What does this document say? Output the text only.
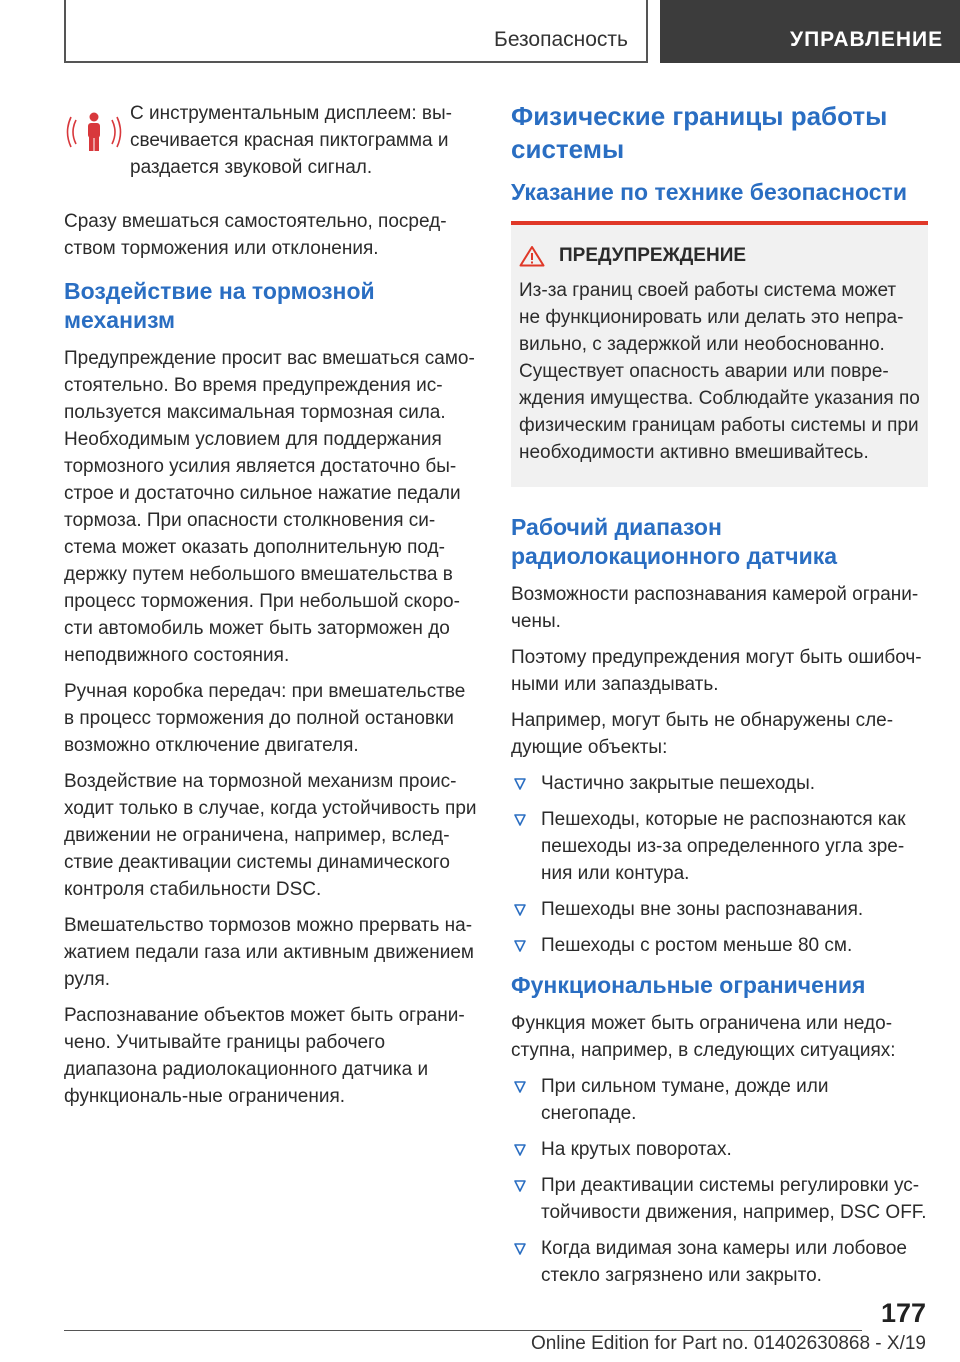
Безопасность	УПРАВЛЕНИЕ

С инструментальным дисплеем: вы-свечивается красная пиктограмма и раздается звуковой сигнал.

Сразу вмешаться самостоятельно, посред-ством торможения или отклонения.

Воздействие на тормозной механизм

Предупреждение просит вас вмешаться само-стоятельно. Во время предупреждения ис-пользуется максимальная тормозная сила. Необходимым условием для поддержания тормозного усилия является достаточно бы-строе и достаточно сильное нажатие педали тормоза. При опасности столкновения си-стема может оказать дополнительную под-держку путем небольшого вмешательства в процесс торможения. При небольшой скоро-сти автомобиль может быть заторможен до неподвижного состояния.

Ручная коробка передач: при вмешательстве в процесс торможения до полной остановки возможно отключение двигателя.

Воздействие на тормозной механизм проис-ходит только в случае, когда устойчивость при движении не ограничена, например, вслед-ствие деактивации системы динамического контроля стабильности DSC.

Вмешательство тормозов можно прервать на-жатием педали газа или активным движением руля.

Распознавание объектов может быть ограни-чено. Учитывайте границы рабочего диапазона радиолокационного датчика и функциональ-ные ограничения.

Физические границы работы системы
Указание по технике безопасности
ПРЕДУПРЕЖДЕНИЕ

Из-за границ своей работы система может не функционировать или делать это непра-вильно, с задержкой или необоснованно. Существует опасность аварии или повре-ждения имущества. Соблюдайте указания по физическим границам работы системы и при необходимости активно вмешивайтесь.

Рабочий диапазон радиолокационного датчика

Возможности распознавания камерой ограни-чены.

Поэтому предупреждения могут быть ошибоч-ными или запаздывать.

Например, могут быть не обнаружены сле-дующие объекты:

Частично закрытые пешеходы.
Пешеходы, которые не распознаются как пешеходы из-за определенного угла зре-ния или контура.
Пешеходы вне зоны распознавания.
Пешеходы с ростом меньше 80 см.
Функциональные ограничения

Функция может быть ограничена или недо-ступна, например, в следующих ситуациях:

При сильном тумане, дожде или снегопаде.
На крутых поворотах.
При деактивации системы регулировки ус-тойчивости движения, например, DSC OFF.
Когда видимая зона камеры или лобовое стекло загрязнено или закрыто.
177
Online Edition for Part no. 01402630868 - X/19
